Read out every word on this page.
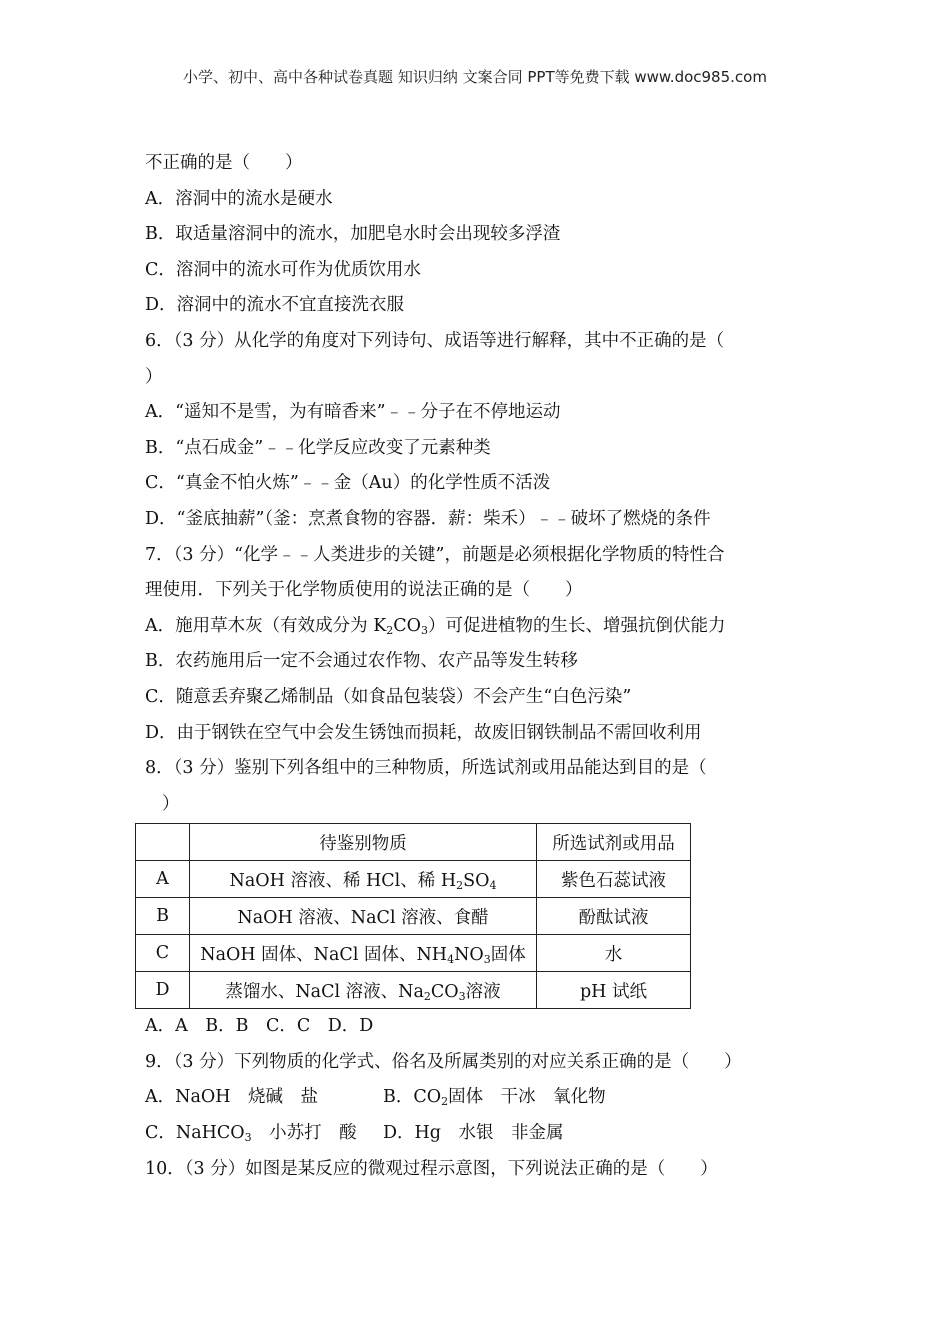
小学、初中、高中各种试卷真题 知识归纳 文案合同 PPT等免费下载 www.doc985.com
不正确的是（　　）
A．溶洞中的流水是硬水
B．取适量溶洞中的流水，加肥皂水时会出现较多浮渣
C．溶洞中的流水可作为优质饮用水
D．溶洞中的流水不宜直接洗衣服
6．（3 分）从化学的角度对下列诗句、成语等进行解释，其中不正确的是（
）
A．“遥知不是雪，为有暗香来”﹣﹣分子在不停地运动
B．“点石成金”﹣﹣化学反应改变了元素种类
C．“真金不怕火炼”﹣﹣金（Au）的化学性质不活泼
D．“釜底抽薪”（釜：烹煮食物的容器．薪：柴禾）﹣﹣破坏了燃烧的条件
7．（3 分）“化学﹣﹣人类进步的关键”，前题是必须根据化学物质的特性合
理使用．下列关于化学物质使用的说法正确的是（　　）
A．施用草木灰（有效成分为 $K_2CO_3$）可促进植物的生长、增强抗倒伏能力
B．农药施用后一定不会通过农作物、农产品等发生转移
C．随意丢弃聚乙烯制品（如食品包装袋）不会产生“白色污染”
D．由于钢铁在空气中会发生锈蚀而损耗，故废旧钢铁制品不需回收利用
8．（3 分）鉴别下列各组中的三种物质，所选试剂或用品能达到目的是（
）
	待鉴别物质	所选试剂或用品
A	NaOH 溶液、稀 HCl、稀 $H_2SO_4$	紫色石蕊试液
B	NaOH 溶液、NaCl 溶液、食醋	酚酞试液
C	NaOH 固体、NaCl 固体、$NH_4NO_3$固体	水
D	蒸馏水、NaCl 溶液、$Na_2CO_3$溶液	pH 试纸
A．A　B．B　C．C　D．D
9．（3 分）下列物质的化学式、俗名及所属类别的对应关系正确的是（　　）
A．NaOH　烧碱　盐	B．$CO_2$固体　干冰　氧化物
C．NaHCO$_3$　小苏打　酸 D．Hg　水银　非金属
10．（3 分）如图是某反应的微观过程示意图，下列说法正确的是（　　）
